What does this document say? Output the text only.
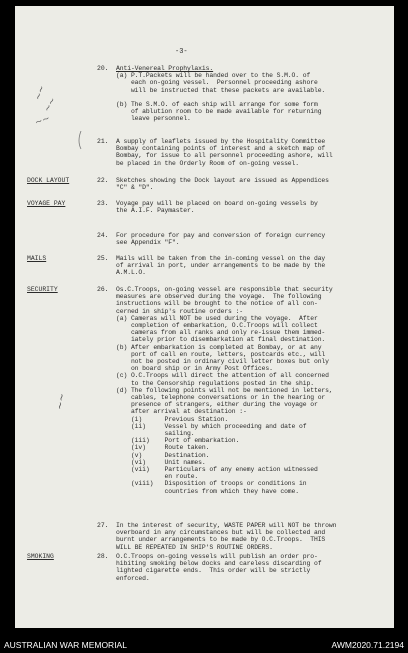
-3-
20. Anti-Venereal Prophylaxis.
(a) P.T.Packets will be handed over to the S.M.O. of
each on-going vessel.  Personnel proceeding ashore
will be instructed that these packets are available.
(b) The S.M.O. of each ship will arrange for some form
of ablution room to be made available for returning
leave personnel.
21. A supply of leaflets issued by the Hospitality Committee
Bombay containing points of interest and a sketch map of
Bombay, for issue to all personnel proceeding ashore, will
be placed in the Orderly Room of on-going vessel.
DOCK LAYOUT	22. Sketches showing the Dock layout are issued as Appendices
"C" & "D".
VOYAGE PAY	23. Voyage pay will be placed on board on-going vessels by
the A.I.F. Paymaster.
24. For procedure for pay and conversion of foreign currency
see Appendix "F".
MAILS	25. Mails will be taken from the in-coming vessel on the day
of arrival in port, under arrangements to be made by the
A.M.L.O.
SECURITY	26. Os.C.Troops, on-going vessel are responsible that security
measures are observed during the voyage.  The following
instructions will be brought to the notice of all con-
cerned in ship's routine orders :-
(a) Cameras will NOT be used during the voyage.  After
completion of embarkation, O.C.Troops will collect
cameras from all ranks and only re-issue them immed-
iately prior to disembarkation at final destination.
(b) After embarkation is completed at Bombay, or at any
port of call en route, letters, postcards etc., will
not be posted in ordinary civil letter boxes but only
on board ship or in Army Post Offices.
(c) O.C.Troops will direct the attention of all concerned
to the Censorship regulations posted in the ship.
(d) The following points will not be mentioned in letters,
cables, telephone conversations or in the hearing or
presence of strangers, either during the voyage or
after arrival at destination :-
(i)      Previous Station.
(ii)     Vessel by which proceeding and date of
sailing.
(iii)    Port of embarkation.
(iv)     Route taken.
(v)      Destination.
(vi)     Unit names.
(vii)    Particulars of any enemy action witnessed
en route.
(viii)   Disposition of troops or conditions in
countries from which they have come.
27. In the interest of security, WASTE PAPER will NOT be thrown
overboard in any circumstances but will be collected and
burnt under arrangements to be made by O.C.Troops.  THIS
WILL BE REPEATED IN SHIP'S ROUTINE ORDERS.
SMOKING	28. O.C.Troops on-going vessels will publish an order pro-
hibiting smoking below docks and careless discarding of
lighted cigarette ends.  This order will be strictly
enforced.
~~
~~
~~
~~
AUSTRALIAN WAR MEMORIAL	AWM2020.71.2194
